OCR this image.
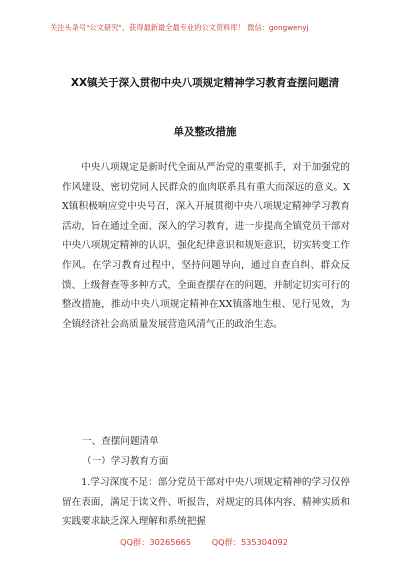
关注头条号"公文研究"，获得最新最全最专业的公文资料库！ 微信：gongwenyj
XX镇关于深入贯彻中央八项规定精神学习教育查摆问题清
单及整改措施

中央八项规定是新时代全面从严治党的重要抓手，对于加强党的作风建设、密切党同人民群众的血肉联系具有重大而深远的意义。XX镇积极响应党中央号召，深入开展贯彻中央八项规定精神学习教育活动，旨在通过全面、深入的学习教育，进一步提高全镇党员干部对中央八项规定精神的认识，强化纪律意识和规矩意识，切实转变工作作风。在学习教育过程中，坚持问题导向，通过自查自纠、群众反馈、上级督查等多种方式，全面查摆存在的问题，并制定切实可行的整改措施，推动中央八项规定精神在XX镇落地生根、见行见效，为全镇经济社会高质量发展营造风清气正的政治生态。

一、查摆问题清单
（一）学习教育方面

1.学习深度不足：部分党员干部对中央八项规定精神的学习仅停留在表面，满足于读文件、听报告，对规定的具体内容、精神实质和实践要求缺乏深入理解和系统把握

QQ群：30265665	QQ群：535304092
